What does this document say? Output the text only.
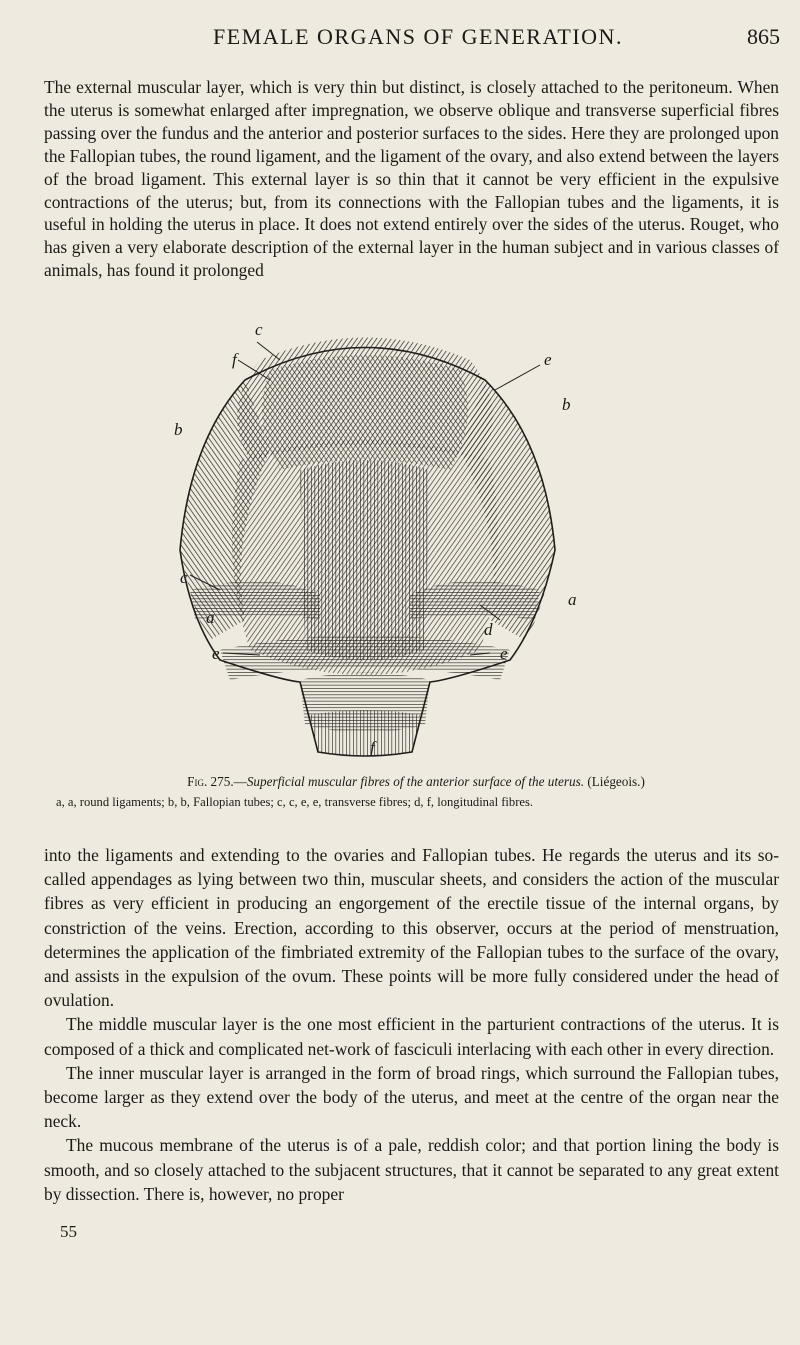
FEMALE ORGANS OF GENERATION.	865

The external muscular layer, which is very thin but distinct, is closely attached to the peritoneum. When the uterus is somewhat enlarged after impregnation, we observe oblique and transverse superficial fibres passing over the fundus and the anterior and posterior surfaces to the sides. Here they are prolonged upon the Fallopian tubes, the round ligament, and the ligament of the ovary, and also extend between the layers of the broad ligament. This external layer is so thin that it cannot be very efficient in the expulsive contractions of the uterus; but, from its connections with the Fallopian tubes and the ligaments, it is useful in holding the uterus in place. It does not extend entirely over the sides of the uterus. Rouget, who has given a very elaborate description of the external layer in the human subject and in various classes of animals, has found it prolonged

c
f	e
b
b
c
a
a
d
e	e
f
Fig. 275.—Superficial muscular fibres of the anterior surface of the uterus. (Liégeois.)
a, a, round ligaments; b, b, Fallopian tubes; c, c, e, e, transverse fibres; d, f, longitudinal fibres.

into the ligaments and extending to the ovaries and Fallopian tubes. He regards the uterus and its so-called appendages as lying between two thin, muscular sheets, and considers the action of the muscular fibres as very efficient in producing an engorgement of the erectile tissue of the internal organs, by constriction of the veins. Erection, according to this observer, occurs at the period of menstruation, determines the application of the fimbriated extremity of the Fallopian tubes to the surface of the ovary, and assists in the expulsion of the ovum. These points will be more fully considered under the head of ovulation.

The middle muscular layer is the one most efficient in the parturient contractions of the uterus. It is composed of a thick and complicated net-work of fasciculi interlacing with each other in every direction.

The inner muscular layer is arranged in the form of broad rings, which surround the Fallopian tubes, become larger as they extend over the body of the uterus, and meet at the centre of the organ near the neck.

The mucous membrane of the uterus is of a pale, reddish color; and that portion lining the body is smooth, and so closely attached to the subjacent structures, that it cannot be separated to any great extent by dissection. There is, however, no proper

55
